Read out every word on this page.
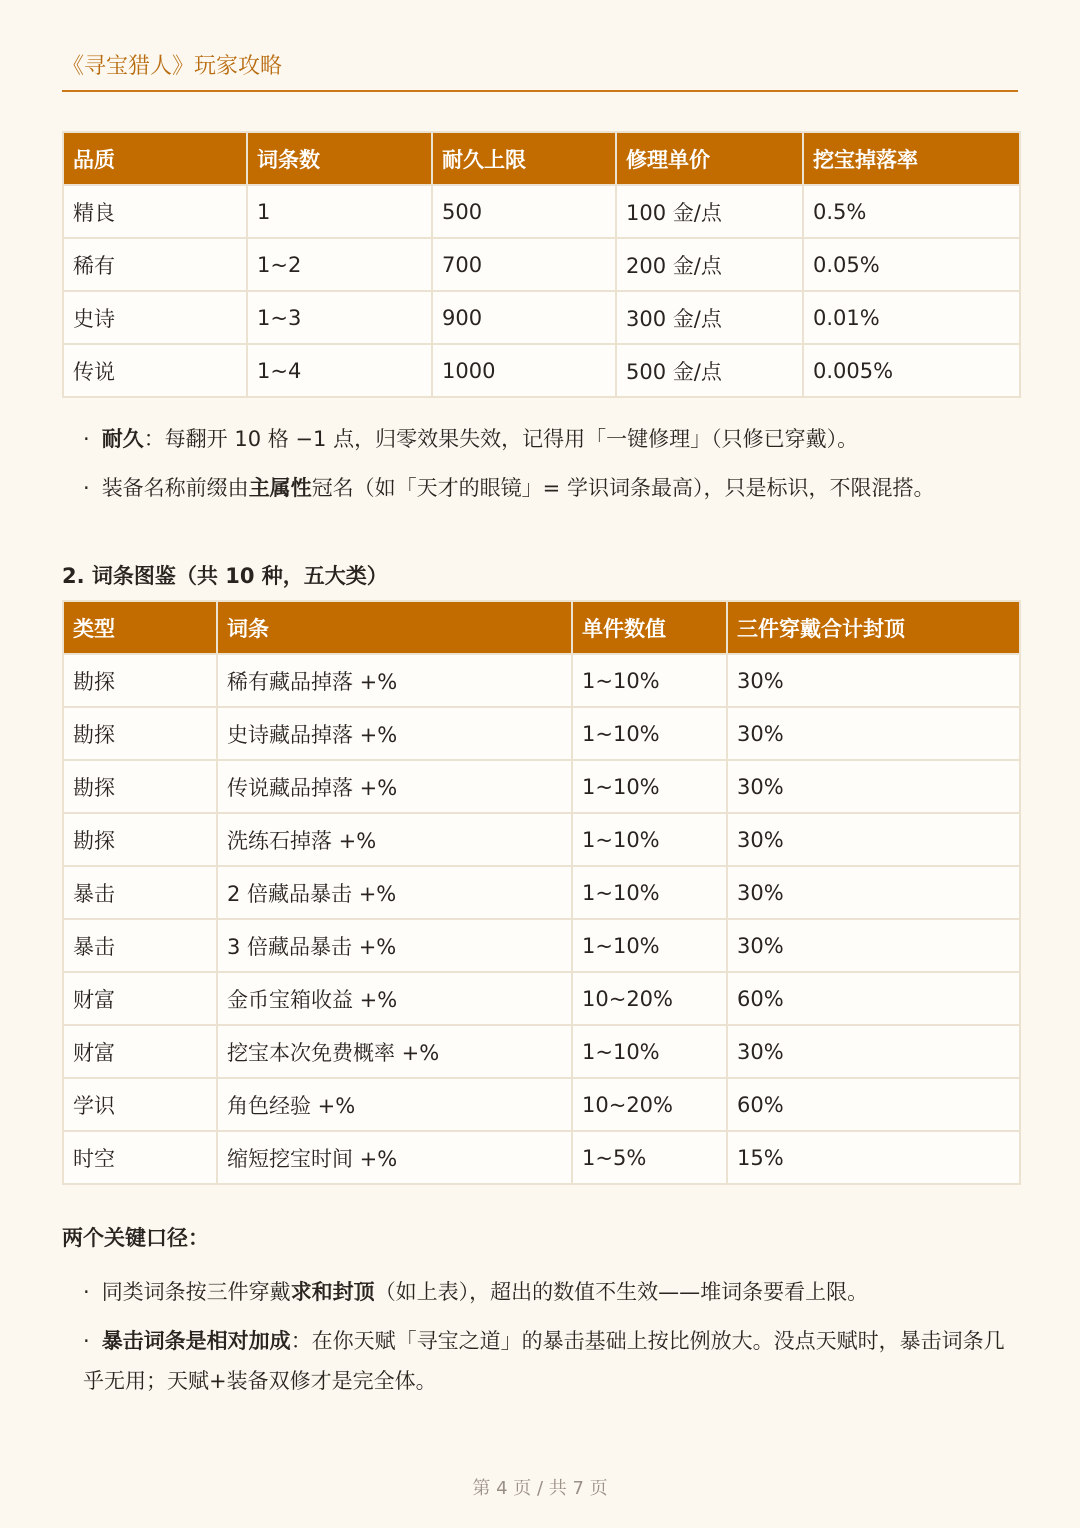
《寻宝猎人》玩家攻略
品质	词条数	耐久上限	修理单价	挖宝掉落率
精良	1	500	100 金/点	0.5%
稀有	1~2	700	200 金/点	0.05%
史诗	1~3	900	300 金/点	0.01%
传说	1~4	1000	500 金/点	0.005%
· 耐久：每翻开 10 格 −1 点，归零效果失效，记得用「一键修理」（只修已穿戴）。
· 装备名称前缀由主属性冠名（如「天才的眼镜」= 学识词条最高），只是标识，不限混搭。
2. 词条图鉴（共 10 种，五大类）
类型	词条	单件数值	三件穿戴合计封顶
勘探	稀有藏品掉落 +%	1~10%	30%
勘探	史诗藏品掉落 +%	1~10%	30%
勘探	传说藏品掉落 +%	1~10%	30%
勘探	洗练石掉落 +%	1~10%	30%
暴击	2 倍藏品暴击 +%	1~10%	30%
暴击	3 倍藏品暴击 +%	1~10%	30%
财富	金币宝箱收益 +%	10~20%	60%
财富	挖宝本次免费概率 +%	1~10%	30%
学识	角色经验 +%	10~20%	60%
时空	缩短挖宝时间 +%	1~5%	15%
两个关键口径：
· 同类词条按三件穿戴求和封顶（如上表），超出的数值不生效——堆词条要看上限。
· 暴击词条是相对加成：在你天赋「寻宝之道」的暴击基础上按比例放大。没点天赋时，暴击词条几乎无用；天赋+装备双修才是完全体。
第 4 页 / 共 7 页
